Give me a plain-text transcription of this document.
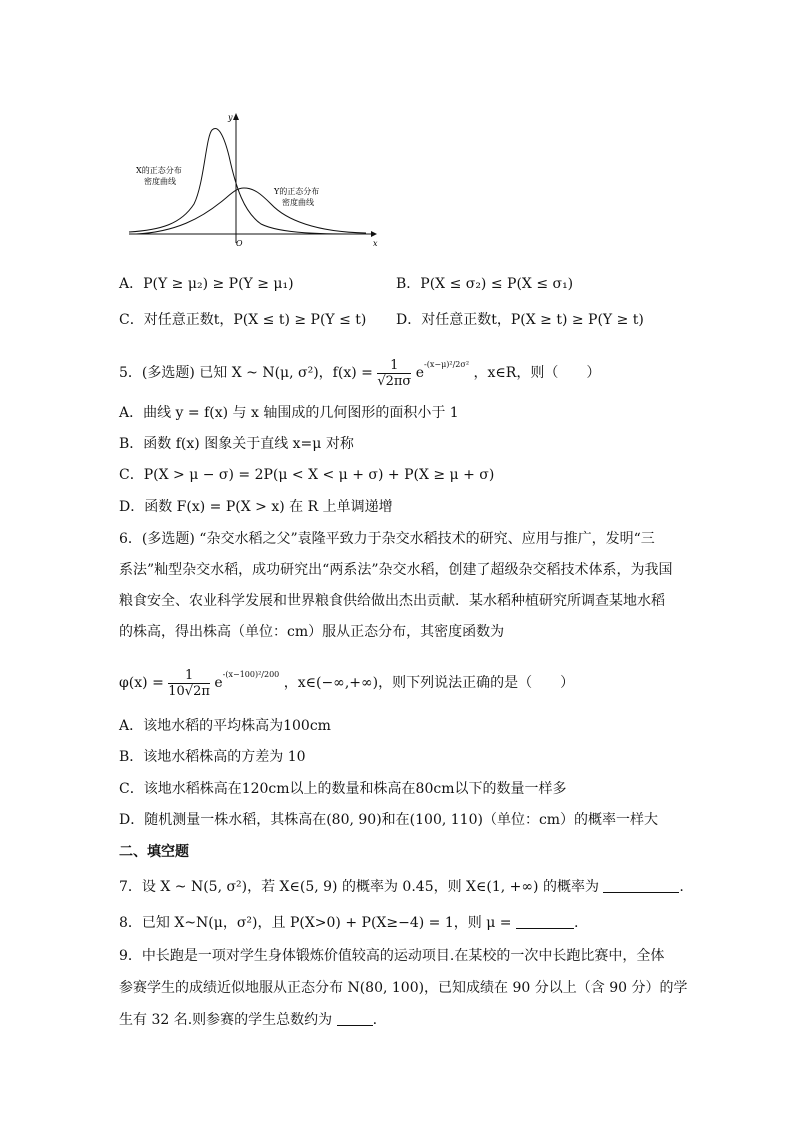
y
x
O
X的正态分布
密度曲线
Y的正态分布
密度曲线
A．P(Y ≥ μ₂) ≥ P(Y ≥ μ₁)	B．P(X ≤ σ₂) ≤ P(X ≤ σ₁)
C．对任意正数t，P(X ≤ t) ≥ P(Y ≤ t) D．对任意正数t，P(X ≥ t) ≥ P(Y ≥ t)
5．(多选题) 已知 X ~ N(μ, σ²)，$f(x) = \frac{1}{√2\pi\sigma} e^{-(x-\mu)^2/2\sigma^2}$ ，x∈R，则（　　）
A．曲线 y = f(x) 与 x 轴围成的几何图形的面积小于 1
B．函数 f(x) 图象关于直线 x=μ 对称
C．P(X > μ − σ) = 2P(μ < X < μ + σ) + P(X ≥ μ + σ)
D．函数 F(x) = P(X > x) 在 R 上单调递增
6．(多选题) “杂交水稻之父”袁隆平致力于杂交水稻技术的研究、应用与推广，发明“三
系法”籼型杂交水稻，成功研究出“两系法”杂交水稻，创建了超级杂交稻技术体系，为我国
粮食安全、农业科学发展和世界粮食供给做出杰出贡献．某水稻种植研究所调查某地水稻
的株高，得出株高（单位：cm）服从正态分布，其密度函数为
$\varphi(x) = \frac{1}{10√2\pi} e^{-(x-100)^2/200}$ ，x∈(−∞,+∞)，则下列说法正确的是（　　）
A．该地水稻的平均株高为100cm
B．该地水稻株高的方差为 10
C．该地水稻株高在120cm以上的数量和株高在80cm以下的数量一样多
D．随机测量一株水稻，其株高在(80, 90)和在(100, 110)（单位：cm）的概率一样大
二、填空题
7．设 X ~ N(5, σ²)，若 X∈(5, 9) 的概率为 0.45，则 X∈(1, +∞) 的概率为	.
8．已知 X~N(μ，σ²)，且 P(X>0) + P(X≥−4) = 1，则 μ =	.
9．中长跑是一项对学生身体锻炼价值较高的运动项目.在某校的一次中长跑比赛中，全体
参赛学生的成绩近似地服从正态分布 N(80, 100)，已知成绩在 90 分以上（含 90 分）的学
生有 32 名.则参赛的学生总数约为	.
